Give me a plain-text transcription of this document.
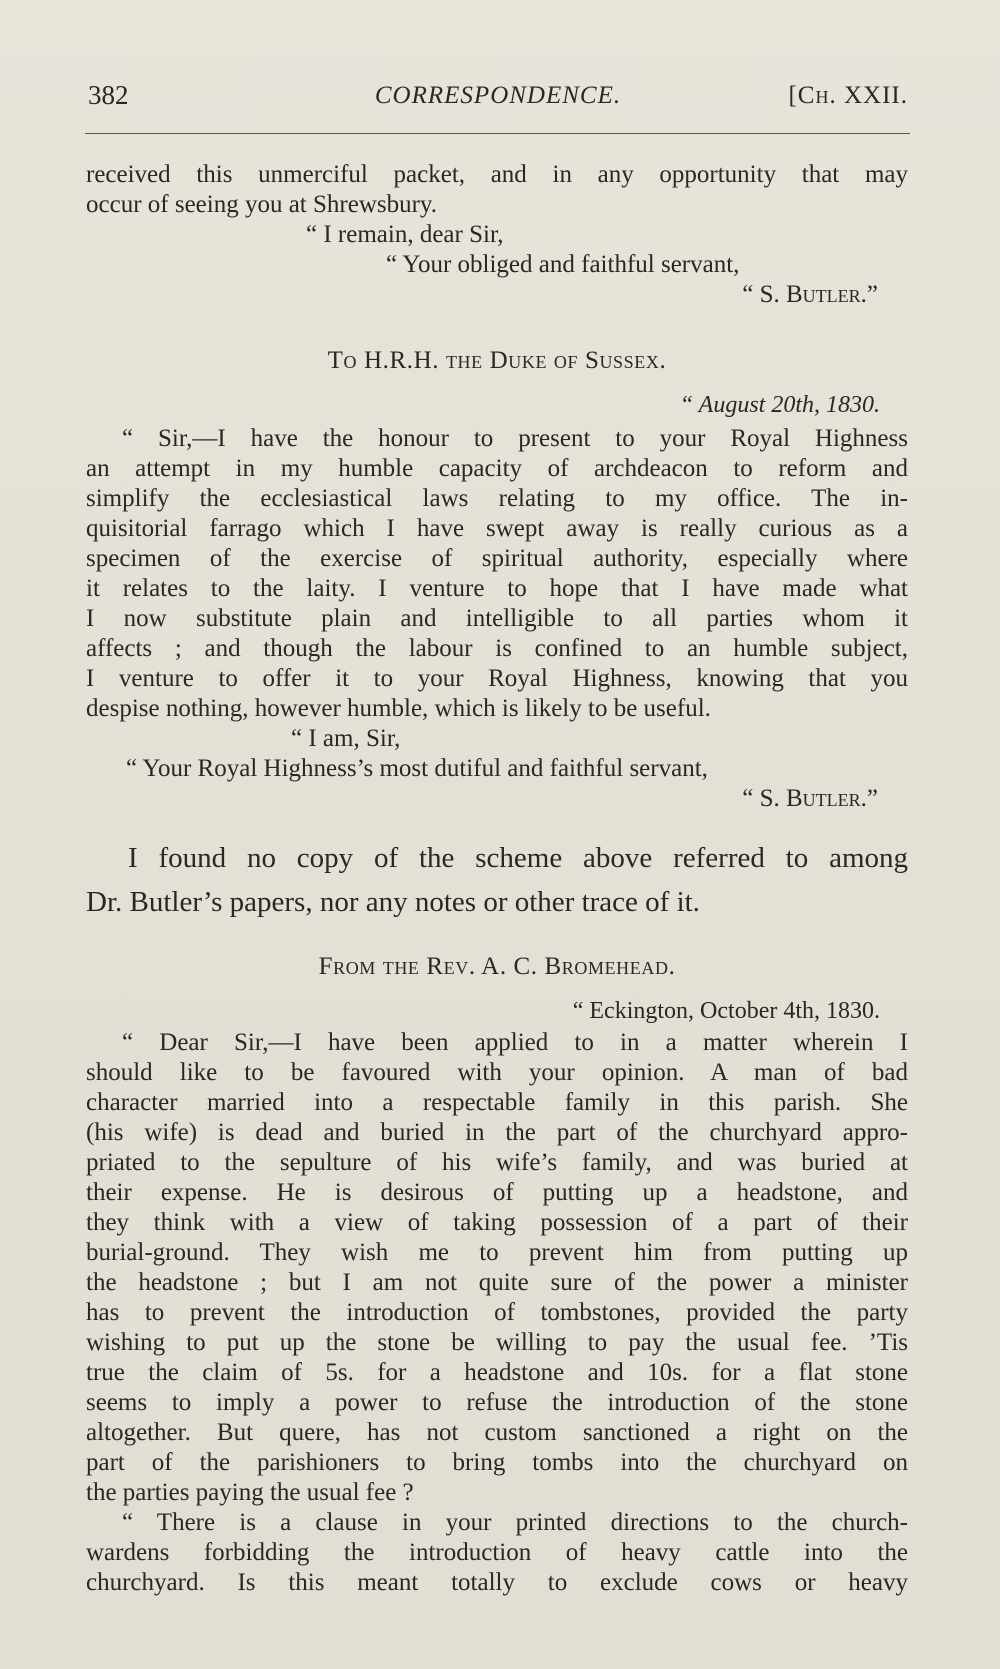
382	CORRESPONDENCE.	[Ch. XXII.

received this unmerciful packet, and in any opportunity that may

occur of seeing you at Shrewsbury.

“ I remain, dear Sir,

“ Your obliged and faithful servant,

“ S. Butler.”

To H.R.H. the Duke of Sussex.

“ August 20th, 1830.

“ Sir,—I have the honour to present to your Royal Highness

an attempt in my humble capacity of archdeacon to reform and

simplify the ecclesiastical laws relating to my office. The in-

quisitorial farrago which I have swept away is really curious as a

specimen of the exercise of spiritual authority, especially where

it relates to the laity. I venture to hope that I have made what

I now substitute plain and intelligible to all parties whom it

affects ; and though the labour is confined to an humble subject,

I venture to offer it to your Royal Highness, knowing that you

despise nothing, however humble, which is likely to be useful.

“ I am, Sir,

“ Your Royal Highness’s most dutiful and faithful servant,

“ S. Butler.”

I found no copy of the scheme above referred to among

Dr. Butler’s papers, nor any notes or other trace of it.

From the Rev. A. C. Bromehead.

“ Eckington, October 4th, 1830.

“ Dear Sir,—I have been applied to in a matter wherein I

should like to be favoured with your opinion. A man of bad

character married into a respectable family in this parish. She

(his wife) is dead and buried in the part of the churchyard appro-

priated to the sepulture of his wife’s family, and was buried at

their expense. He is desirous of putting up a headstone, and

they think with a view of taking possession of a part of their

burial-ground. They wish me to prevent him from putting up

the headstone ; but I am not quite sure of the power a minister

has to prevent the introduction of tombstones, provided the party

wishing to put up the stone be willing to pay the usual fee. ’Tis

true the claim of 5s. for a headstone and 10s. for a flat stone

seems to imply a power to refuse the introduction of the stone

altogether. But quere, has not custom sanctioned a right on the

part of the parishioners to bring tombs into the churchyard on

the parties paying the usual fee ?

“ There is a clause in your printed directions to the church-

wardens forbidding the introduction of heavy cattle into the

churchyard. Is this meant totally to exclude cows or heavy
